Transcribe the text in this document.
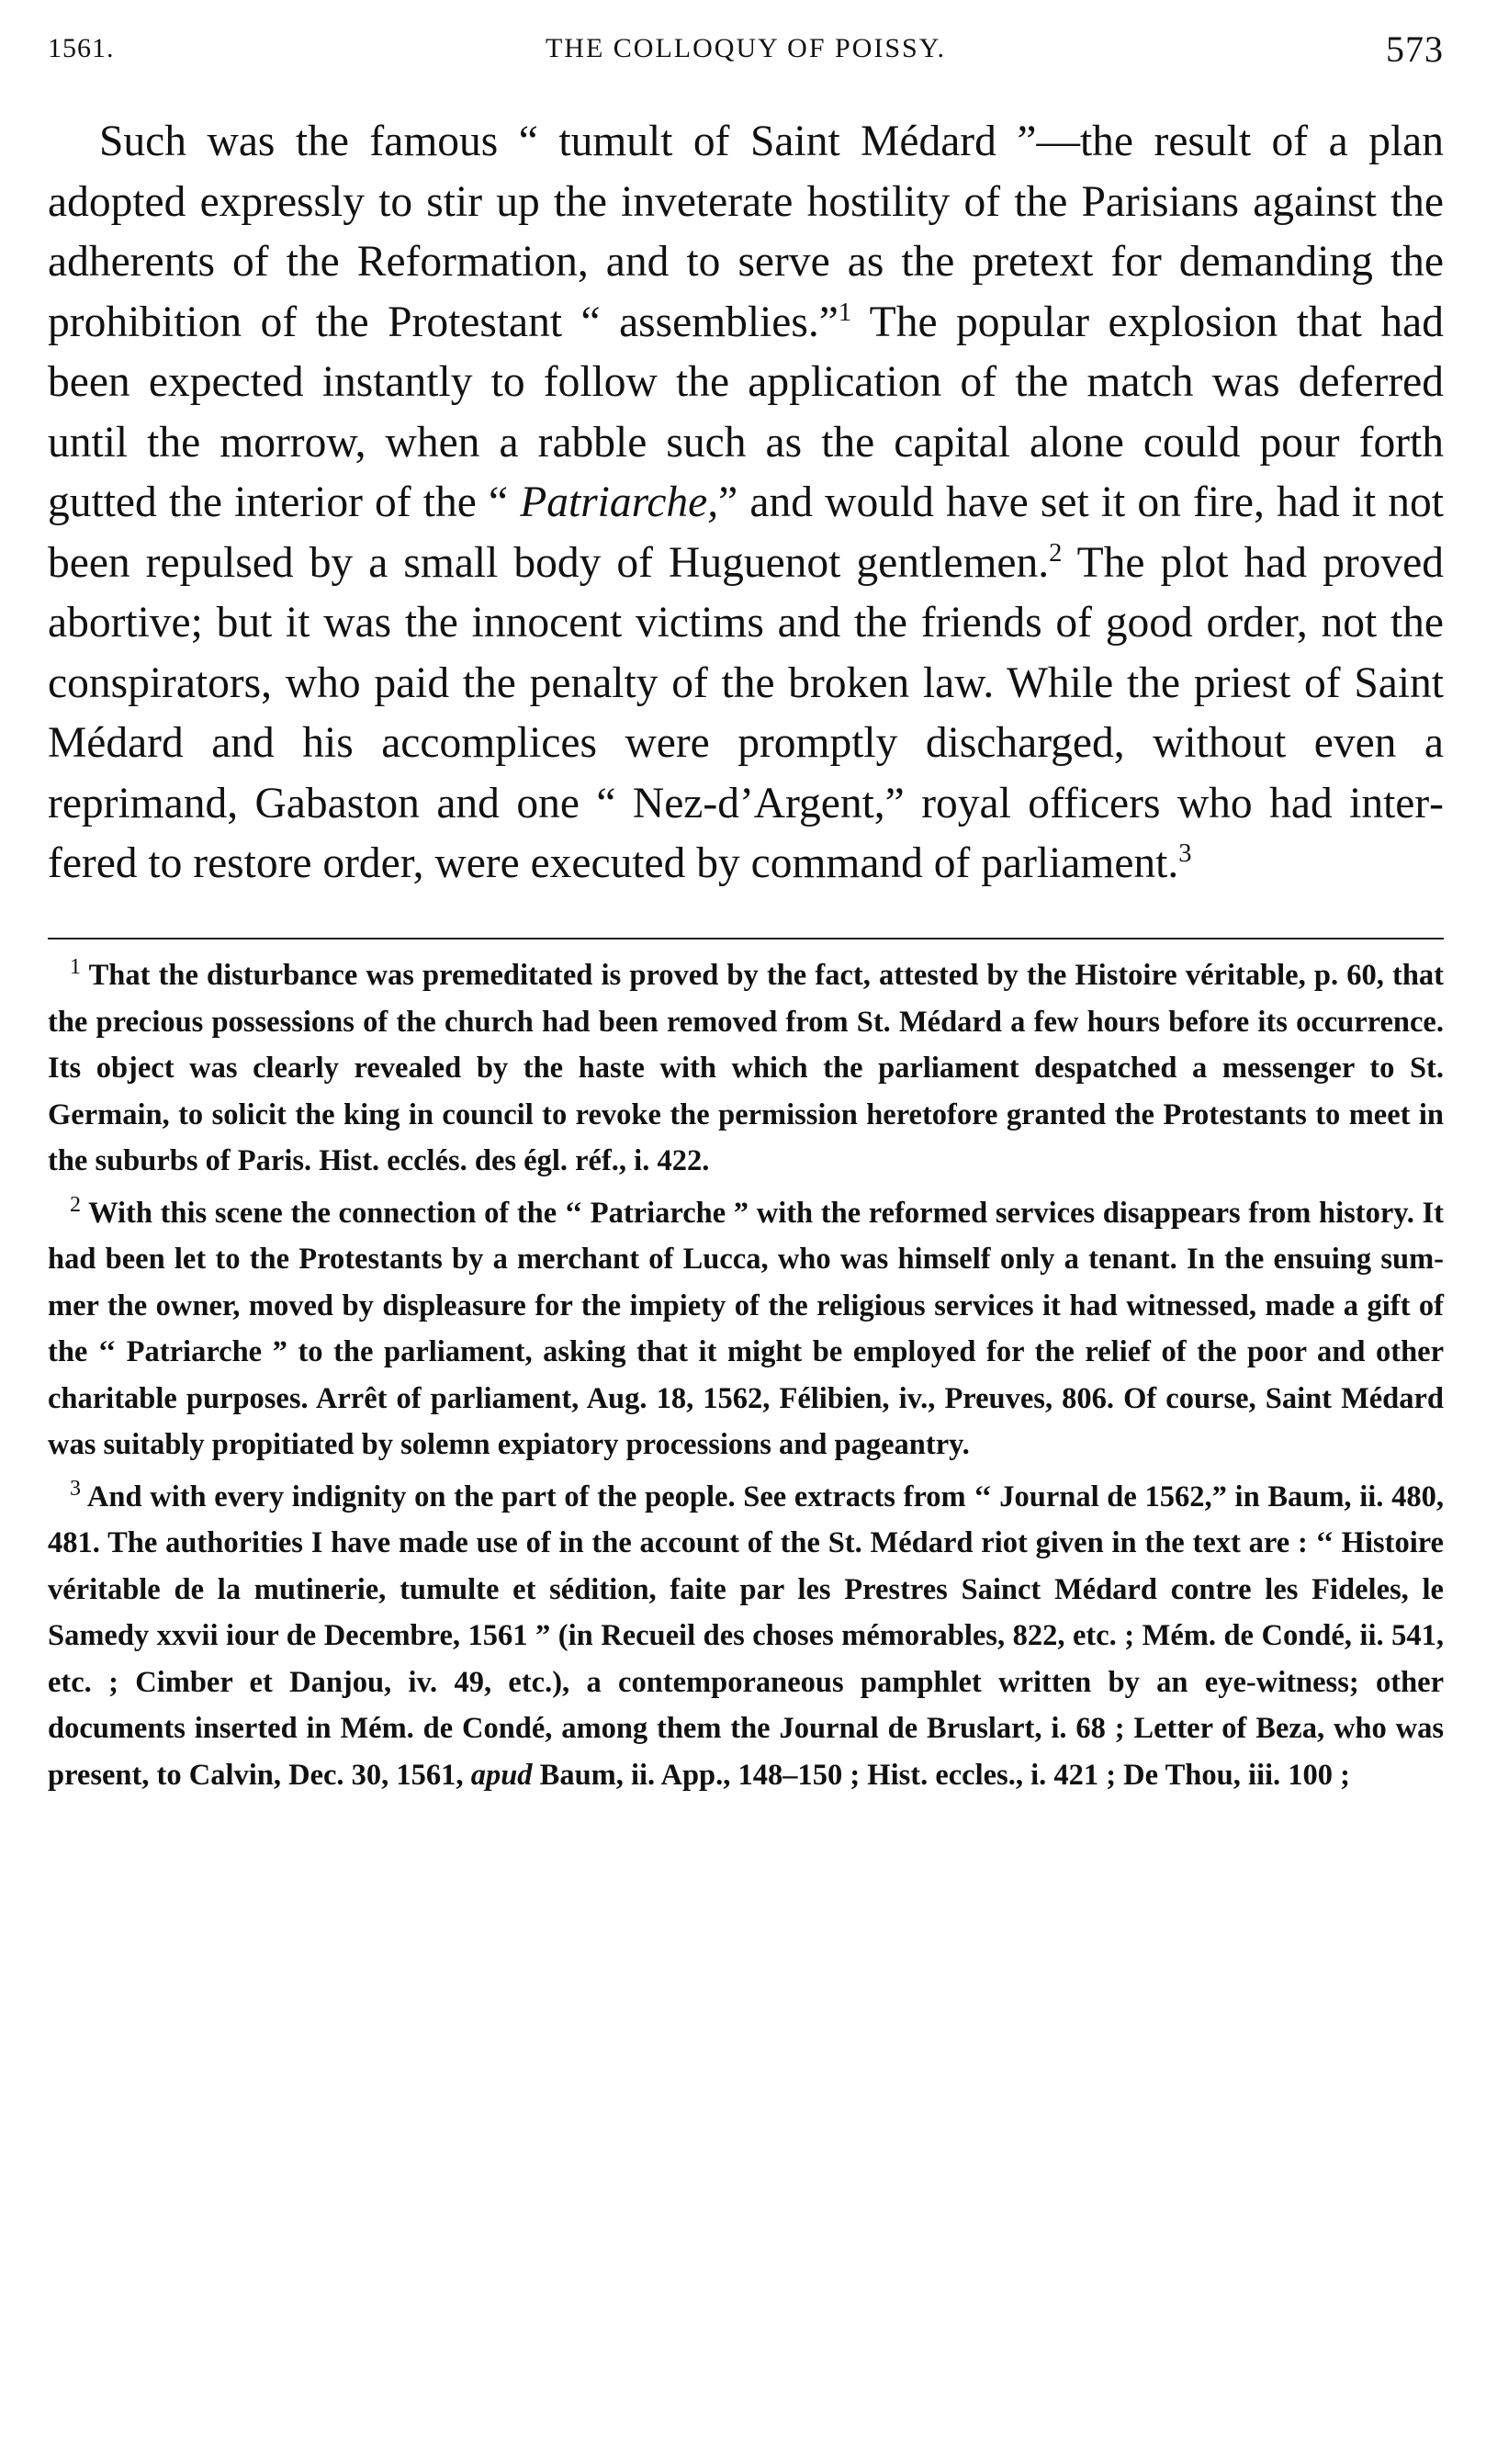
1561.	THE COLLOQUY OF POISSY.	573

Such was the famous “ tumult of Saint Médard ”—the result of a plan adopted expressly to stir up the inveterate hostility of the Parisians against the adherents of the Reformation, and to serve as the pretext for demanding the prohibition of the Protestant “ assemblies.”$^1$ The popular explosion that had been expected instantly to follow the application of the match was deferred until the morrow, when a rabble such as the capital alone could pour forth gutted the interior of the “ Patriarche,” and would have set it on fire, had it not been repulsed by a small body of Huguenot gentlemen.$^2$ The plot had proved abortive; but it was the innocent victims and the friends of good order, not the conspirators, who paid the penalty of the broken law. While the priest of Saint Médard and his accomplices were promptly discharged, without even a reprimand, Gabaston and one “ Nez-d’Argent,” royal officers who had interfered to restore order, were executed by command of parliament.$^3$

$^1$ That the disturbance was premeditated is proved by the fact, attested by the Histoire véritable, p. 60, that the precious possessions of the church had been removed from St. Médard a few hours before its occurrence. Its object was clearly revealed by the haste with which the parliament despatched a messenger to St. Germain, to solicit the king in council to revoke the permission heretofore granted the Protestants to meet in the suburbs of Paris. Hist. ecclés. des égl. réf., i. 422.

$^2$ With this scene the connection of the ‘‘ Patriarche ” with the reformed services disappears from history. It had been let to the Protestants by a merchant of Lucca, who was himself only a tenant. In the ensuing summer the owner, moved by displeasure for the impiety of the religious services it had witnessed, made a gift of the ‘‘ Patriarche ” to the parliament, asking that it might be employed for the relief of the poor and other charitable purposes. Arrêt of parliament, Aug. 18, 1562, Félibien, iv., Preuves, 806. Of course, Saint Médard was suitably propitiated by solemn expiatory processions and pageantry.

$^3$ And with every indignity on the part of the people. See extracts from ‘‘ Journal de 1562,” in Baum, ii. 480, 481. The authorities I have made use of in the account of the St. Médard riot given in the text are : ‘‘ Histoire véritable de la mutinerie, tumulte et sédition, faite par les Prestres Sainct Médard contre les Fideles, le Samedy xxvii iour de Decembre, 1561 ” (in Recueil des choses mémorables, 822, etc. ; Mém. de Condé, ii. 541, etc. ; Cimber et Danjou, iv. 49, etc.), a contemporaneous pamphlet written by an eye-witness; other documents inserted in Mém. de Condé, among them the Journal de Bruslart, i. 68 ; Letter of Beza, who was present, to Calvin, Dec. 30, 1561, apud Baum, ii. App., 148–150 ; Hist. eccles., i. 421 ; De Thou, iii. 100 ;
